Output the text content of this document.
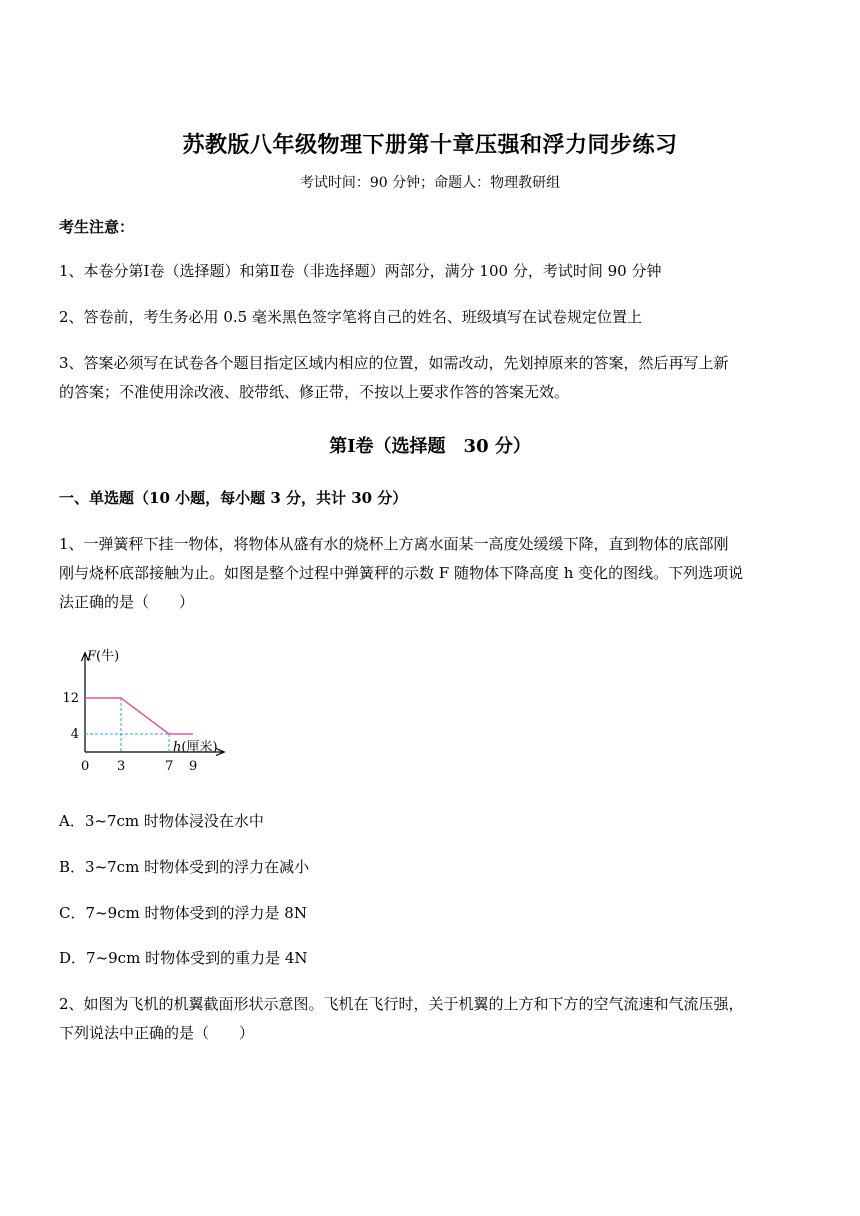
苏教版八年级物理下册第十章压强和浮力同步练习
考试时间：90 分钟；命题人：物理教研组
考生注意：
1、本卷分第Ⅰ卷（选择题）和第Ⅱ卷（非选择题）两部分，满分 100 分，考试时间 90 分钟
2、答卷前，考生务必用 0.5 毫米黑色签字笔将自己的姓名、班级填写在试卷规定位置上
3、答案必须写在试卷各个题目指定区域内相应的位置，如需改动，先划掉原来的答案，然后再写上新
的答案；不准使用涂改液、胶带纸、修正带，不按以上要求作答的答案无效。
第Ⅰ卷（选择题　30 分）
一、单选题（10 小题，每小题 3 分，共计 30 分）
1、一弹簧秤下挂一物体，将物体从盛有水的烧杯上方离水面某一高度处缓缓下降，直到物体的底部刚
刚与烧杯底部接触为止。如图是整个过程中弹簧秤的示数 F 随物体下降高度 h 变化的图线。下列选项说
法正确的是（　　）
F(牛)
h(厘米)
0 3	7 9
12
4
A．3~7cm 时物体浸没在水中
B．3~7cm 时物体受到的浮力在减小
C．7~9cm 时物体受到的浮力是 8N
D．7~9cm 时物体受到的重力是 4N
2、如图为飞机的机翼截面形状示意图。飞机在飞行时，关于机翼的上方和下方的空气流速和气流压强，
下列说法中正确的是（　　）
